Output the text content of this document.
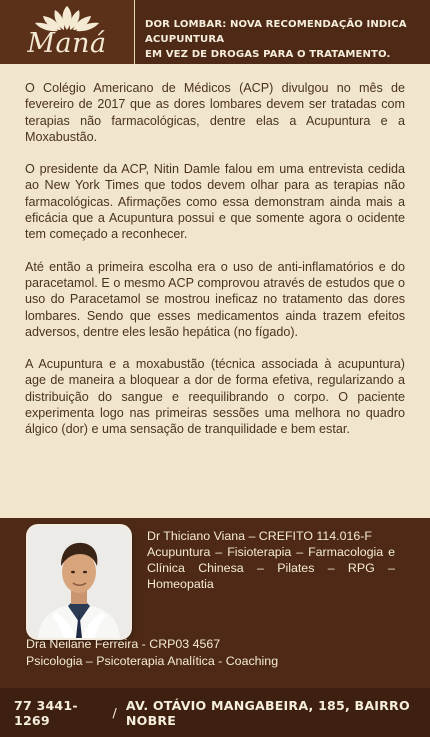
Maná
DOR LOMBAR: NOVA RECOMENDAÇÃO INDICA ACUPUNTURA
EM VEZ DE DROGAS PARA O TRATAMENTO.

O Colégio Americano de Médicos (ACP) divulgou no mês de fevereiro de 2017 que as dores lombares devem ser tratadas com terapias não farmacológicas, dentre elas a Acupuntura e a Moxabustão.

O presidente da ACP, Nitin Damle falou em uma entrevista cedida ao New York Times que todos devem olhar para as terapias não farmacológicas. Afirmações como essa demonstram ainda mais a eficácia que a Acupuntura possui e que somente agora o ocidente tem começado a reconhecer.

Até então a primeira escolha era o uso de anti-inflamatórios e do paracetamol. E o mesmo ACP comprovou através de estudos que o uso do Paracetamol se mostrou ineficaz no tratamento das dores lombares. Sendo que esses medicamentos ainda trazem efeitos adversos, dentre eles lesão hepática (no fígado).

A Acupuntura e a moxabustão (técnica associada à acupuntura) age de maneira a bloquear a dor de forma efetiva, regularizando a distribuição do sangue e reequilibrando o corpo. O paciente experimenta logo nas primeiras sessões uma melhora no quadro álgico (dor) e uma sensação de tranquilidade e bem estar.

Dr Thiciano Viana – CREFITO 114.016-F
Acupuntura – Fisioterapia – Farmacologia e Clínica Chinesa – Pilates – RPG – Homeopatia
Dra Neilane Ferreira - CRP03 4567
Psicologia – Psicoterapia Analítica - Coaching
77 3441-1269	/ AV. OTÁVIO MANGABEIRA, 185, BAIRRO NOBRE
